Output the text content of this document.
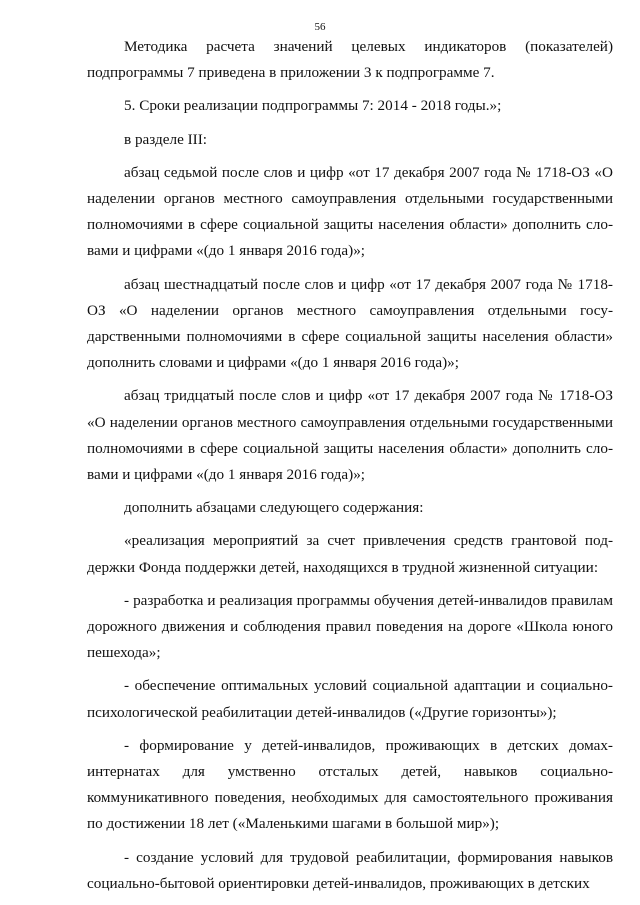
56

Методика расчета значений целевых индикаторов (показателей) подпрограммы 7 приведена в приложении 3 к подпрограмме 7.

5. Сроки реализации подпрограммы 7: 2014 - 2018 годы.»;

в разделе III:

абзац седьмой после слов и цифр «от 17 декабря 2007 года № 1718-ОЗ «О наделении органов местного самоуправления отдельными государственными полномочиями в сфере социальной защиты населения области» дополнить словами и цифрами «(до 1 января 2016 года)»;

абзац шестнадцатый после слов и цифр «от 17 декабря 2007 года № 1718-ОЗ «О наделении органов местного самоуправления отдельными государственными полномочиями в сфере социальной защиты населения области» дополнить словами и цифрами «(до 1 января 2016 года)»;

абзац тридцатый после слов и цифр «от 17 декабря 2007 года № 1718-ОЗ «О наделении органов местного самоуправления отдельными государственными полномочиями в сфере социальной защиты населения области» дополнить словами и цифрами «(до 1 января 2016 года)»;

дополнить абзацами следующего содержания:

«реализация мероприятий за счет привлечения средств грантовой поддержки Фонда поддержки детей, находящихся в трудной жизненной ситуации:

- разработка и реализация программы обучения детей-инвалидов правилам дорожного движения и соблюдения правил поведения на дороге «Школа юного пешехода»;

- обеспечение оптимальных условий социальной адаптации и социально-психологической реабилитации детей-инвалидов («Другие горизонты»);

- формирование у детей-инвалидов, проживающих в детских домах-интернатах для умственно отсталых детей, навыков социально-коммуникативного поведения, необходимых для самостоятельного проживания по достижении 18 лет («Маленькими шагами в большой мир»);

- создание условий для трудовой реабилитации, формирования навыков социально-бытовой ориентировки детей-инвалидов, проживающих в детских
